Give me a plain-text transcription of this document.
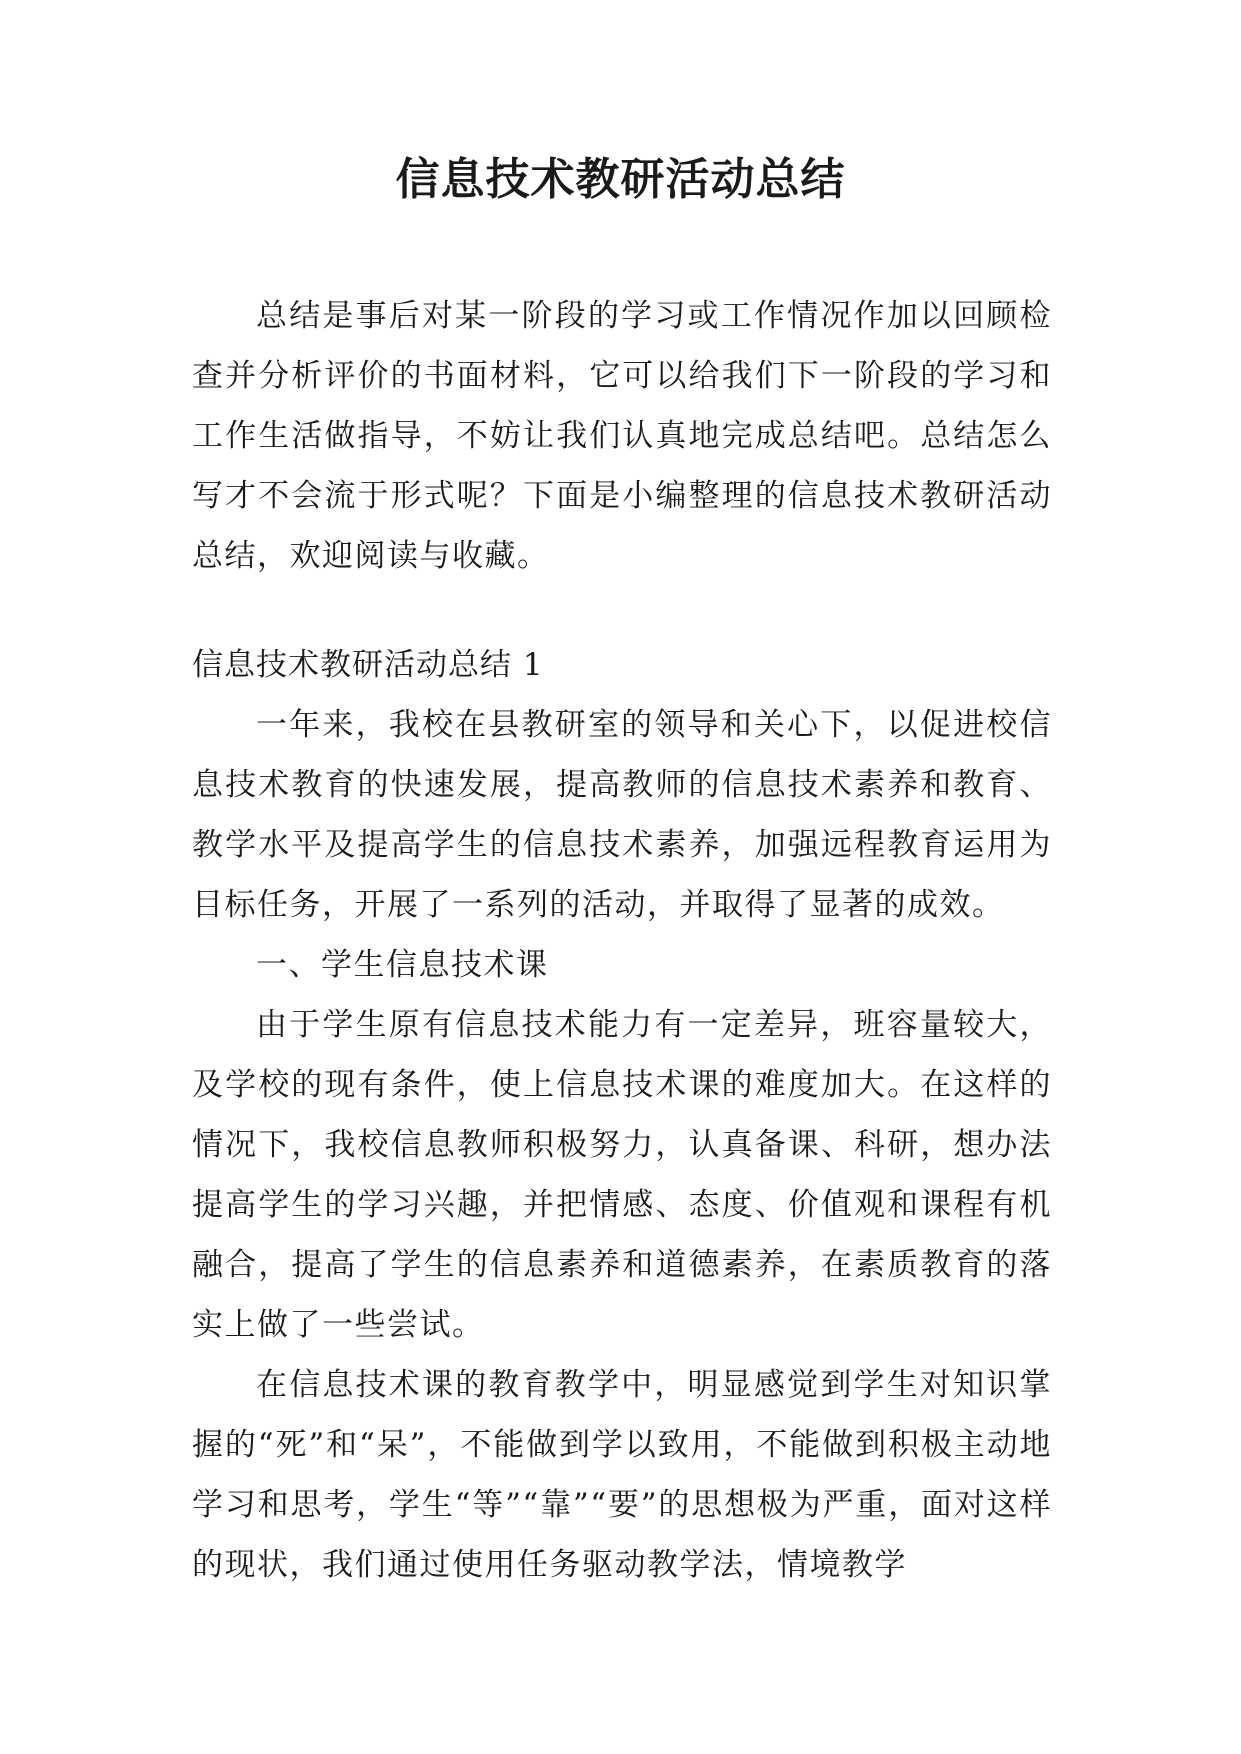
信息技术教研活动总结

总结是事后对某一阶段的学习或工作情况作加以回顾检查并分析评价的书面材料，它可以给我们下一阶段的学习和工作生活做指导，不妨让我们认真地完成总结吧。总结怎么写才不会流于形式呢？下面是小编整理的信息技术教研活动总结，欢迎阅读与收藏。

信息技术教研活动总结 1

一年来，我校在县教研室的领导和关心下，以促进校信息技术教育的快速发展，提高教师的信息技术素养和教育、教学水平及提高学生的信息技术素养，加强远程教育运用为目标任务，开展了一系列的活动，并取得了显著的成效。

一、学生信息技术课

由于学生原有信息技术能力有一定差异，班容量较大，及学校的现有条件，使上信息技术课的难度加大。在这样的情况下，我校信息教师积极努力，认真备课、科研，想办法提高学生的学习兴趣，并把情感、态度、价值观和课程有机融合，提高了学生的信息素养和道德素养，在素质教育的落实上做了一些尝试。

在信息技术课的教育教学中，明显感觉到学生对知识掌握的“死”和“呆”，不能做到学以致用，不能做到积极主动地学习和思考，学生“等”“靠”“要”的思想极为严重，面对这样的现状，我们通过使用任务驱动教学法，情境教学
